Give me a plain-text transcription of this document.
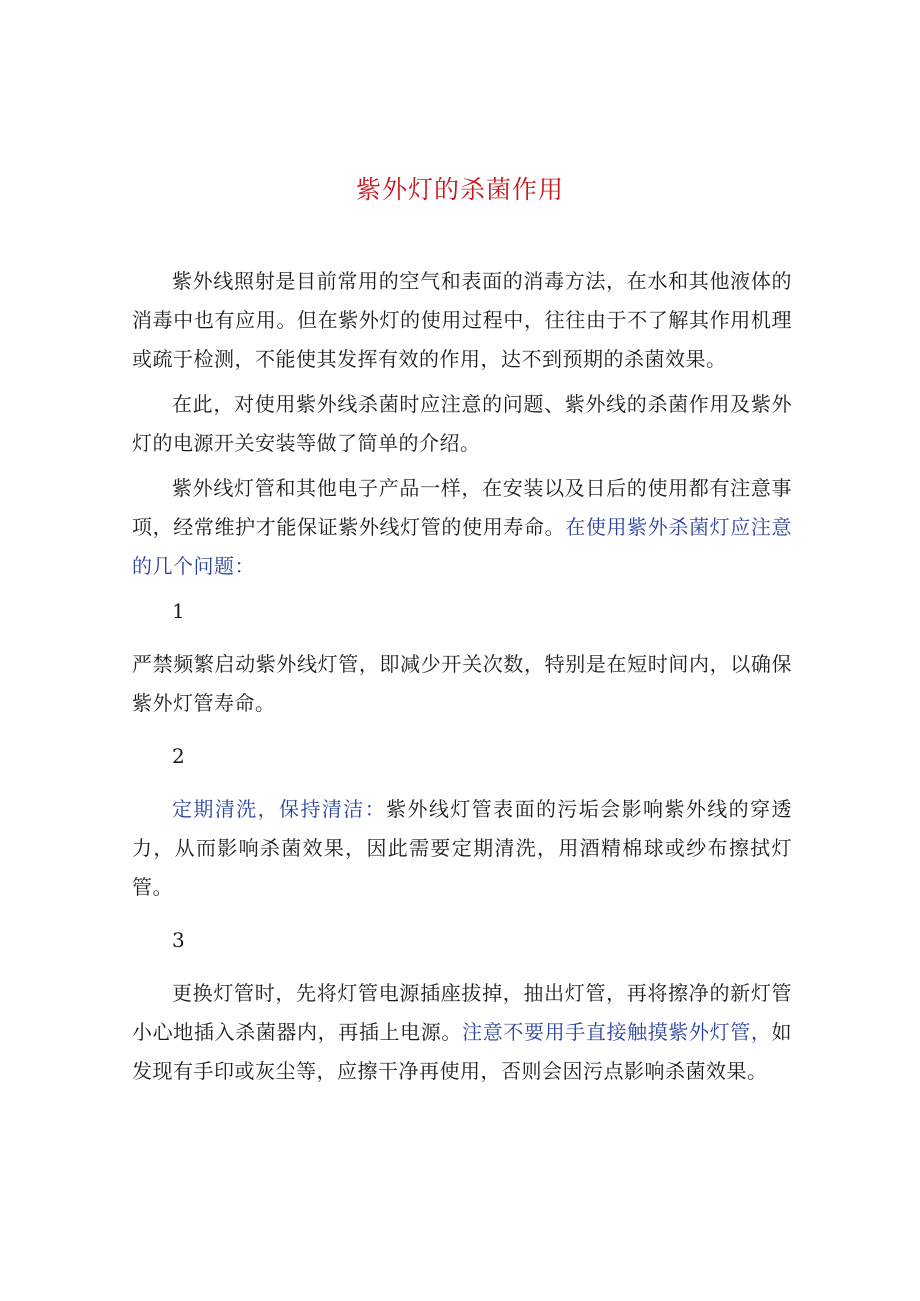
紫外灯的杀菌作用

紫外线照射是目前常用的空气和表面的消毒方法，在水和其他液体的消毒中也有应用。但在紫外灯的使用过程中，往往由于不了解其作用机理或疏于检测，不能使其发挥有效的作用，达不到预期的杀菌效果。

在此，对使用紫外线杀菌时应注意的问题、紫外线的杀菌作用及紫外灯的电源开关安装等做了简单的介绍。

紫外线灯管和其他电子产品一样，在安装以及日后的使用都有注意事项，经常维护才能保证紫外线灯管的使用寿命。在使用紫外杀菌灯应注意的几个问题：

1

严禁频繁启动紫外线灯管，即减少开关次数，特别是在短时间内，以确保紫外灯管寿命。

2

定期清洗，保持清洁：紫外线灯管表面的污垢会影响紫外线的穿透力，从而影响杀菌效果，因此需要定期清洗，用酒精棉球或纱布擦拭灯管。

3

更换灯管时，先将灯管电源插座拔掉，抽出灯管，再将擦净的新灯管小心地插入杀菌器内，再插上电源。注意不要用手直接触摸紫外灯管，如发现有手印或灰尘等，应擦干净再使用，否则会因污点影响杀菌效果。
